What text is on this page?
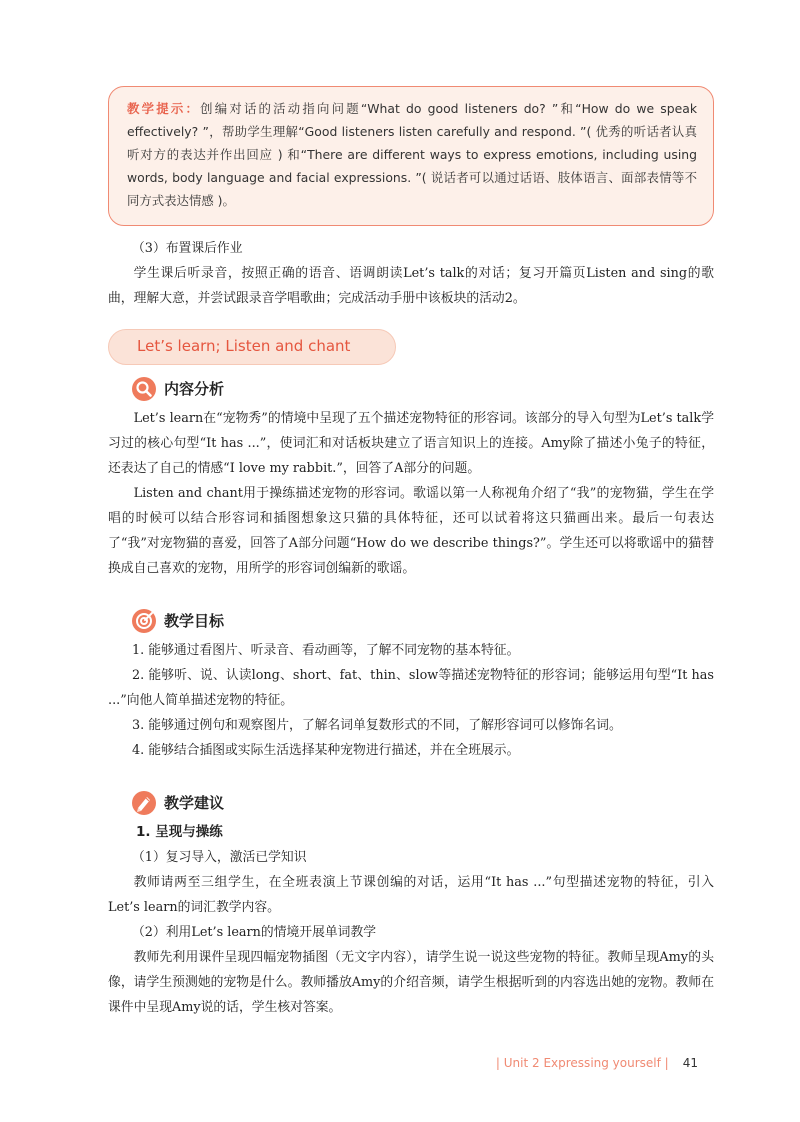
教学提示：创编对话的活动指向问题“What do good listeners do? ”和“How do we speak effectively? ”，帮助学生理解“Good listeners listen carefully and respond. ”( 优秀的听话者认真听对方的表达并作出回应 ) 和“There are different ways to express emotions, including using words, body language and facial expressions. ”( 说话者可以通过话语、肢体语言、面部表情等不同方式表达情感 )。

（3）布置课后作业

学生课后听录音，按照正确的语音、语调朗读Let’s talk的对话；复习开篇页Listen and sing的歌曲，理解大意，并尝试跟录音学唱歌曲；完成活动手册中该板块的活动2。

Let’s learn; Listen and chant
内容分析

Let’s learn在“宠物秀”的情境中呈现了五个描述宠物特征的形容词。该部分的导入句型为Let’s talk学习过的核心句型“It has ...”，使词汇和对话板块建立了语言知识上的连接。Amy除了描述小兔子的特征，还表达了自己的情感“I love my rabbit.”，回答了A部分的问题。

Listen and chant用于操练描述宠物的形容词。歌谣以第一人称视角介绍了“我”的宠物猫，学生在学唱的时候可以结合形容词和插图想象这只猫的具体特征，还可以试着将这只猫画出来。最后一句表达了“我”对宠物猫的喜爱，回答了A部分问题“How do we describe things?”。学生还可以将歌谣中的猫替换成自己喜欢的宠物，用所学的形容词创编新的歌谣。

教学目标
1. 能够通过看图片、听录音、看动画等，了解不同宠物的基本特征。
2. 能够听、说、认读long、short、fat、thin、slow等描述宠物特征的形容词；能够运用句型“It has ...”向他人简单描述宠物的特征。
3. 能够通过例句和观察图片，了解名词单复数形式的不同，了解形容词可以修饰名词。
4. 能够结合插图或实际生活选择某种宠物进行描述，并在全班展示。
教学建议

1. 呈现与操练

（1）复习导入，激活已学知识

教师请两至三组学生，在全班表演上节课创编的对话，运用“It has ...”句型描述宠物的特征，引入Let’s learn的词汇教学内容。

（2）利用Let’s learn的情境开展单词教学

教师先利用课件呈现四幅宠物插图（无文字内容），请学生说一说这些宠物的特征。教师呈现Amy的头像，请学生预测她的宠物是什么。教师播放Amy的介绍音频，请学生根据听到的内容选出她的宠物。教师在课件中呈现Amy说的话，学生核对答案。

| Unit 2 Expressing yourself | 41
